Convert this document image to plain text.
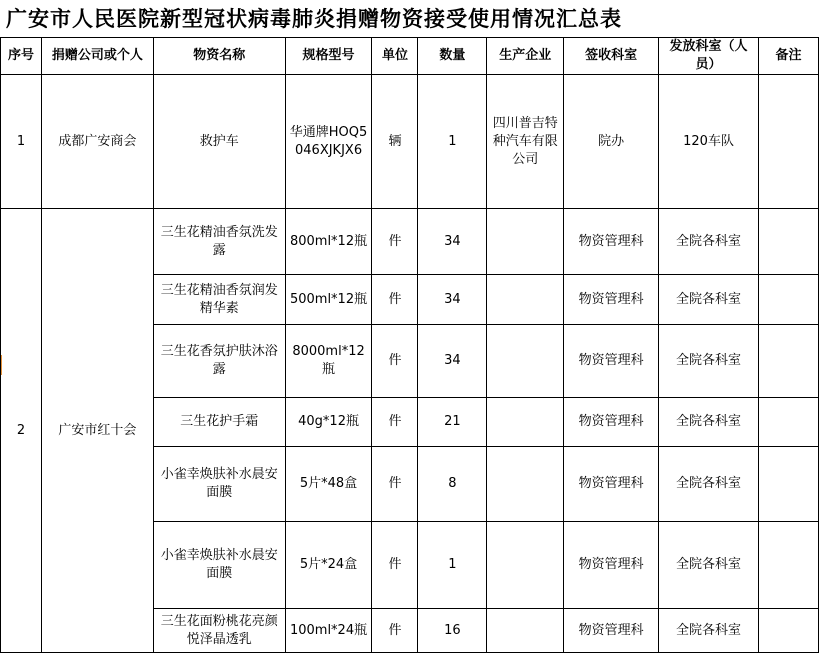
广安市人民医院新型冠状病毒肺炎捐赠物资接受使用情况汇总表
序号	捐赠公司或个人	物资名称	规格型号	单位	数量	生产企业	签收科室	发放科室（人员）	备注
1	成都广安商会	救护车	华通牌HOQ5046XJKJX6	辆	1	四川普吉特种汽车有限公司	院办	120车队	
2	广安市红十会	三生花精油香氛洗发露	800ml*12瓶	件	34		物资管理科	全院各科室	
		三生花精油香氛润发精华素	500ml*12瓶	件	34		物资管理科	全院各科室	
		三生花香氛护肤沐浴露	8000ml*12瓶	件	34		物资管理科	全院各科室	
		三生花护手霜	40g*12瓶	件	21		物资管理科	全院各科室	
		小雀幸焕肤补水晨安面膜	5片*48盒	件	8		物资管理科	全院各科室	
		小雀幸焕肤补水晨安面膜	5片*24盒	件	1		物资管理科	全院各科室	
		三生花面粉桃花亮颜悦泽晶透乳	100ml*24瓶	件	16		物资管理科	全院各科室	
